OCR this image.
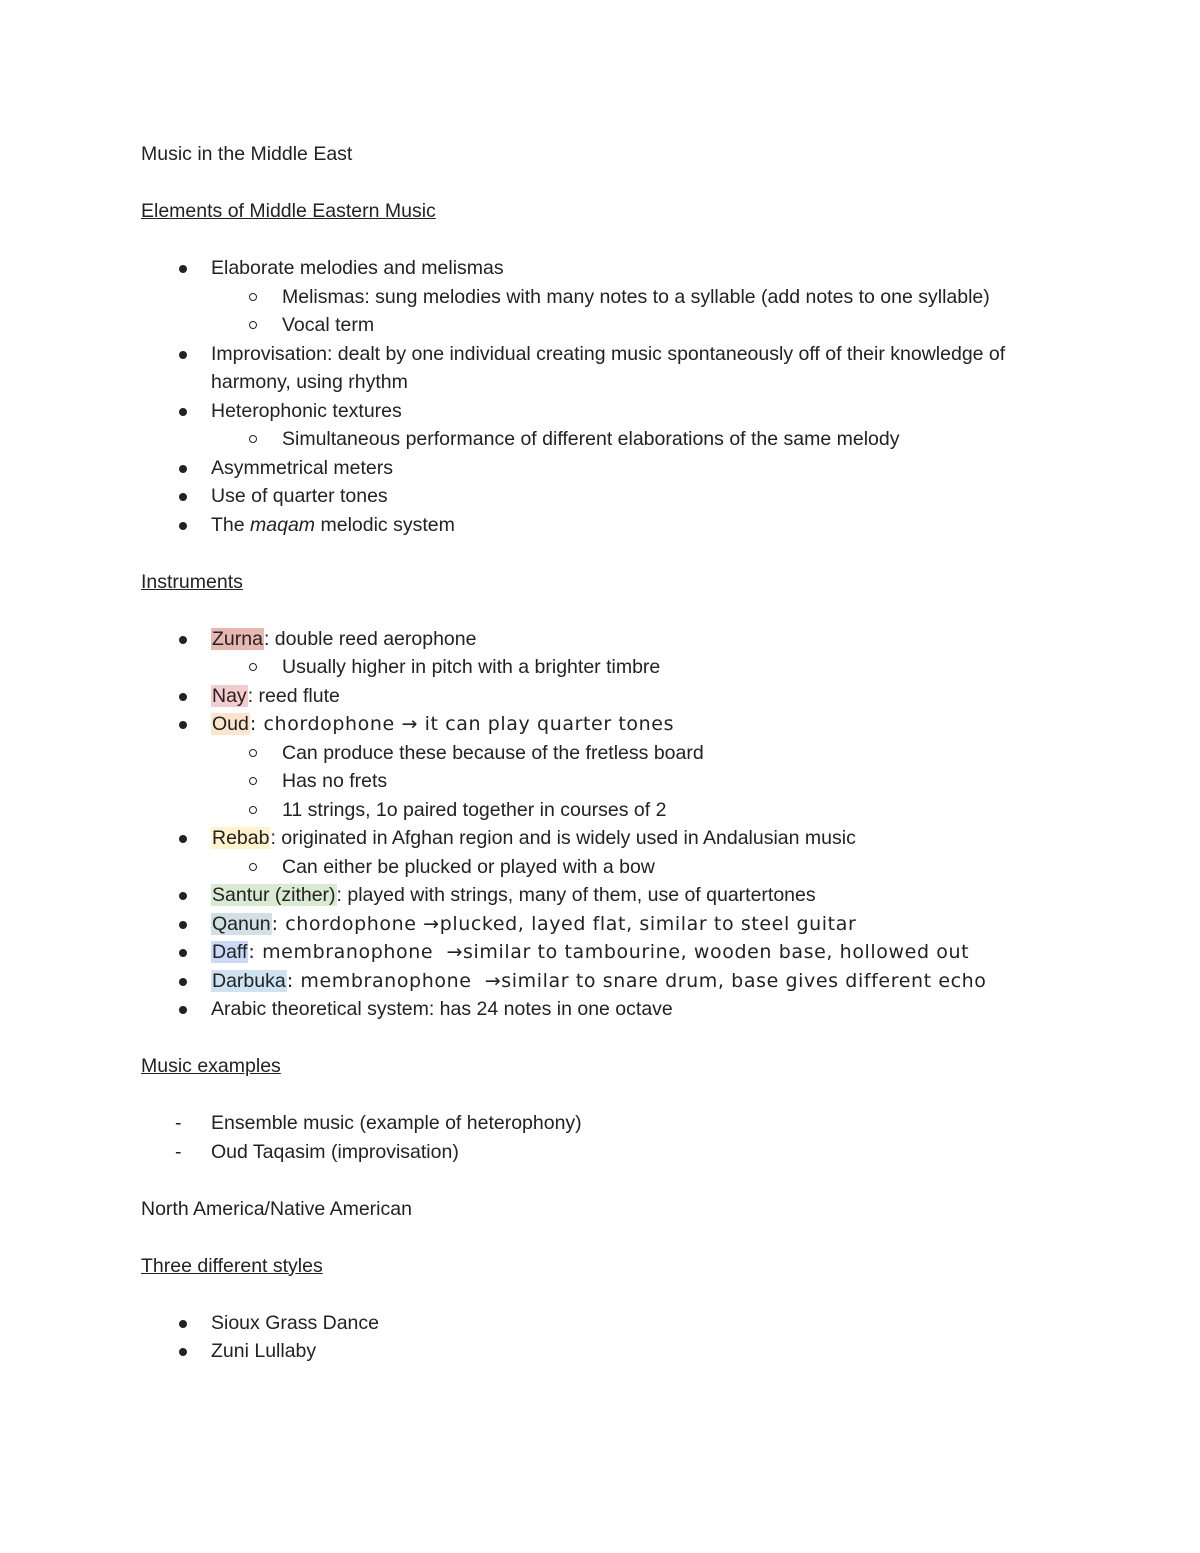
Music in the Middle East

Elements of Middle Eastern Music

Elaborate melodies and melismas
Melismas: sung melodies with many notes to a syllable (add notes to one syllable)
Vocal term
Improvisation: dealt by one individual creating music spontaneously off of their knowledge of harmony, using rhythm
Heterophonic textures
Simultaneous performance of different elaborations of the same melody
Asymmetrical meters
Use of quarter tones
The maqam melodic system

Instruments

Zurna: double reed aerophone
Usually higher in pitch with a brighter timbre
Nay: reed flute
Oud: chordophone → it can play quarter tones
Can produce these because of the fretless board
Has no frets
11 strings, 1o paired together in courses of 2
Rebab: originated in Afghan region and is widely used in Andalusian music
Can either be plucked or played with a bow
Santur (zither): played with strings, many of them, use of quartertones
Qanun: chordophone →plucked, layed flat, similar to steel guitar
Daff: membranophone  →similar to tambourine, wooden base, hollowed out
Darbuka: membranophone  →similar to snare drum, base gives different echo
Arabic theoretical system: has 24 notes in one octave

Music examples

- Ensemble music (example of heterophony)
- Oud Taqasim (improvisation)

North America/Native American

Three different styles

Sioux Grass Dance
Zuni Lullaby
